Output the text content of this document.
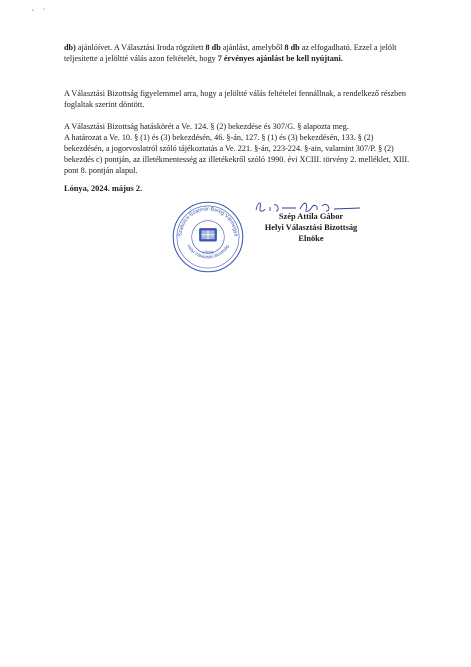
db) ajánlóívet. A Választási Iroda rögzített 8 db ajánlást, amelyből 8 db az elfogadható. Ezzel a jelölt teljesítette a jelöltté válás azon feltételét, hogy 7 érvényes ajánlást be kell nyújtani.

A Választási Bizottság figyelemmel arra, hogy a jelöltté válás feltételei fennállnak, a rendelkező részben foglaltak szerint döntött.

A Választási Bizottság hatáskörét a Ve. 124. § (2) bekezdése és 307/G. § alapozta meg.
A határozat a Ve. 10. § (1) és (3) bekezdésén, 46. §-án, 127. § (1) és (3) bekezdésén, 133. § (2) bekezdésén, a jogorvoslatról szóló tájékoztatás a Ve. 221. §-án, 223-224. §-ain, valamint 307/P. § (2) bekezdés c) pontján, az illetékmentesség az illetékekről szóló 1990. évi XCIII. törvény 2. melléklet, XIII. pont 8. pontján alapul.

Lónya, 2024. május 2.

Szabolcs-Szatmár-Bereg Vármegye
Helyi Választási Bizottság
Lónya
Szép Attila Gábor
Helyi Választási Bizottság
Elnöke
